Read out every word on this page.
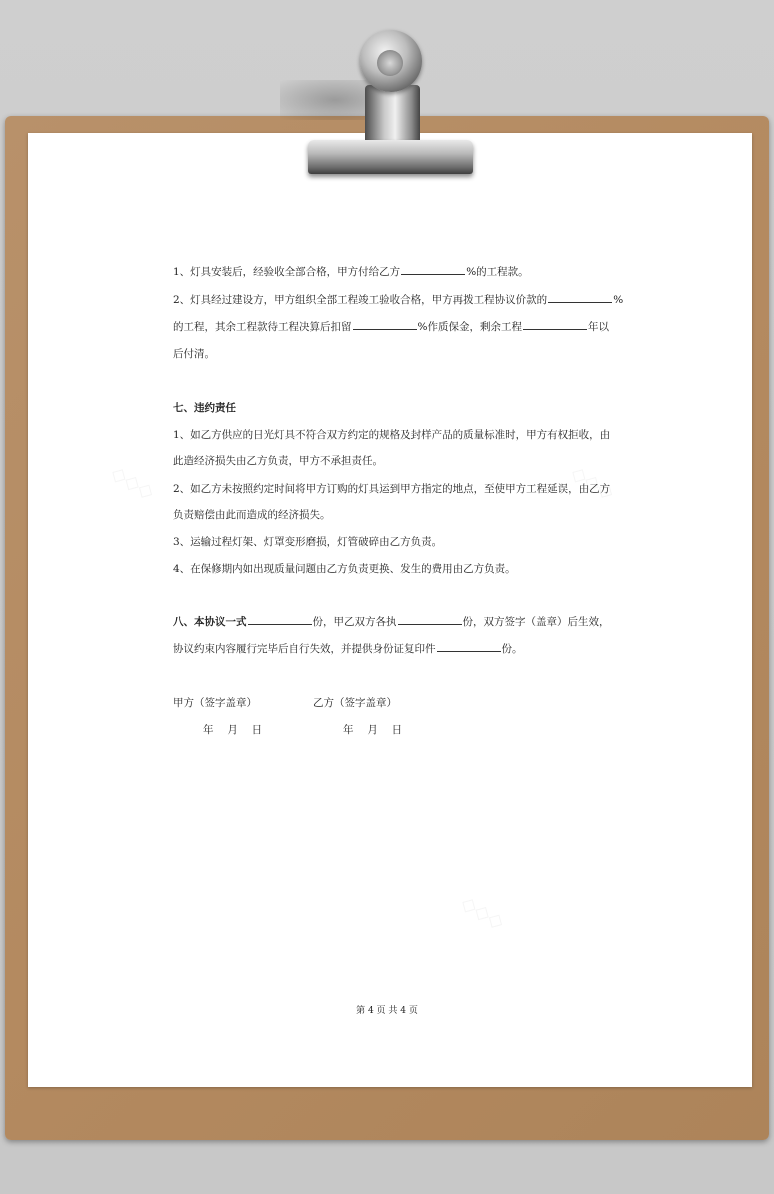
1、灯具安装后，经验收全部合格，甲方付给乙方	%的工程款。
2、灯具经过建设方，甲方组织全部工程竣工验收合格，甲方再拨工程协议价款的	%
的工程，其余工程款待工程决算后扣留	%作质保金，剩余工程	年以
后付清。
七、违约责任
1、如乙方供应的日光灯具不符合双方约定的规格及封样产品的质量标准时，甲方有权拒收，由
此造经济损失由乙方负责，甲方不承担责任。
2、如乙方未按照约定时间将甲方订购的灯具运到甲方指定的地点，至使甲方工程延误，由乙方
负责赔偿由此而造成的经济损失。
3、运输过程灯架、灯罩变形磨损，灯管破碎由乙方负责。
4、在保修期内如出现质量问题由乙方负责更换、发生的费用由乙方负责。
八、本协议一式	份，甲乙双方各执	份，双方签字（盖章）后生效，
协议约束内容履行完毕后自行失效，并提供身份证复印件	份。
甲方（签字盖章）	乙方（签字盖章）
年　 月　 日	年　 月　 日
第 4 页 共 4 页
